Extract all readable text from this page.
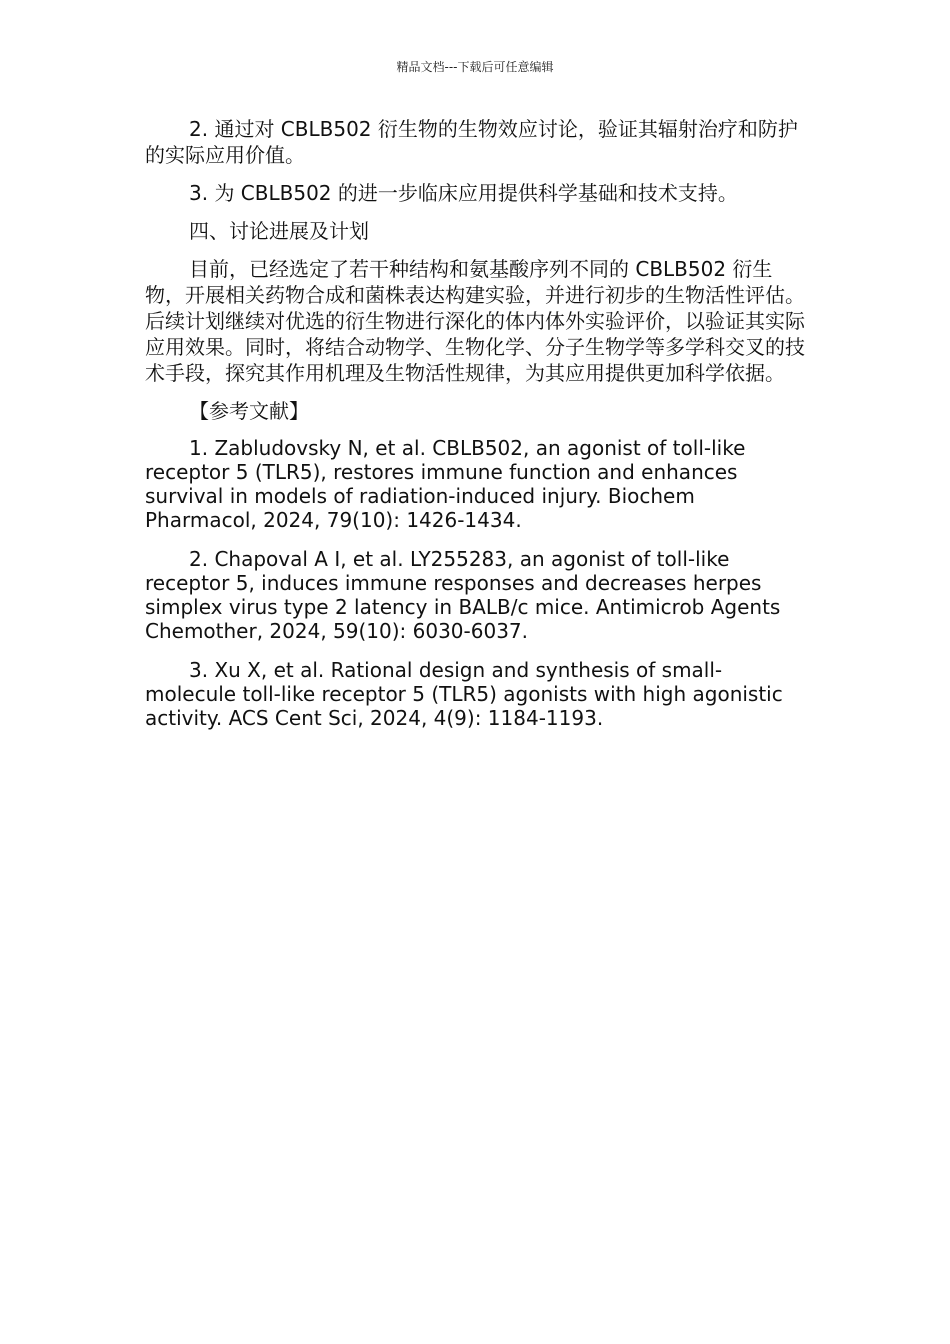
精品文档---下载后可任意编辑

2. 通过对 CBLB502 衍生物的生物效应讨论，验证其辐射治疗和防护的实际应用价值。

3. 为 CBLB502 的进一步临床应用提供科学基础和技术支持。

四、讨论进展及计划

目前，已经选定了若干种结构和氨基酸序列不同的 CBLB502 衍生物，开展相关药物合成和菌株表达构建实验，并进行初步的生物活性评估。后续计划继续对优选的衍生物进行深化的体内体外实验评价，以验证其实际应用效果。同时，将结合动物学、生物化学、分子生物学等多学科交叉的技术手段，探究其作用机理及生物活性规律，为其应用提供更加科学依据。

【参考文献】

1. Zabludovsky N, et al. CBLB502, an agonist of toll-like receptor 5 (TLR5), restores immune function and enhances survival in models of radiation-induced injury. Biochem Pharmacol, 2024, 79(10): 1426-1434.

2. Chapoval A I, et al. LY255283, an agonist of toll-like receptor 5, induces immune responses and decreases herpes simplex virus type 2 latency in BALB/c mice. Antimicrob Agents Chemother, 2024, 59(10): 6030-6037.

3. Xu X, et al. Rational design and synthesis of small-molecule toll-like receptor 5 (TLR5) agonists with high agonistic activity. ACS Cent Sci, 2024, 4(9): 1184-1193.
